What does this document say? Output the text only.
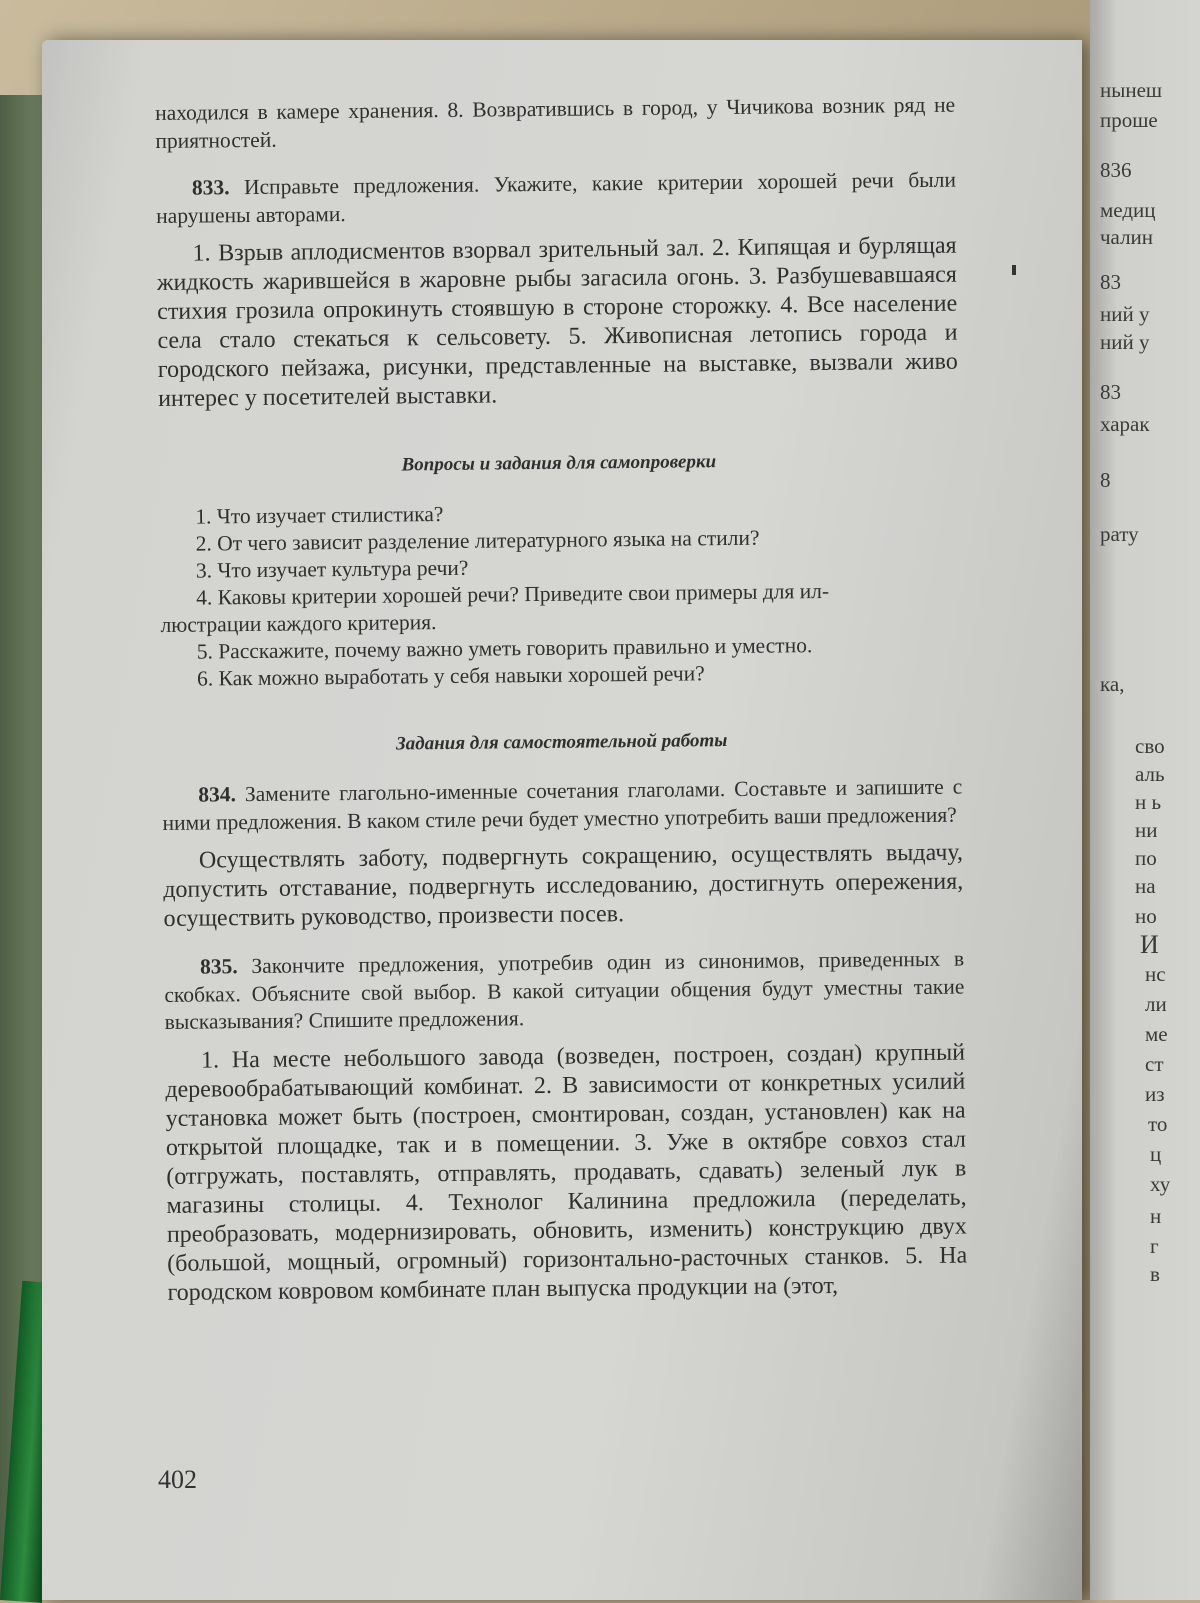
нынеш
проше
836
медиц
чалин
83
ний у
ний у
83
харак
8
рату
ка,
сво
аль
н ь
ни
по
на
но
И
нс
ли
ме
ст
из
то
ц
ху
н
г
в

находился в камере хранения. 8. Возвратившись в город, у Чичикова возник ряд не приятностей.

833. Исправьте предложения. Укажите, какие критерии хорошей речи были нарушены авторами.

1. Взрыв аплодисментов взорвал зрительный зал. 2. Кипящая и бурлящая жидкость жарившейся в жаровне рыбы загасила огонь. 3. Разбушевавшаяся стихия грозила опрокинуть стоявшую в стороне сторожку. 4. Все население села стало стекаться к сельсовету. 5. Живописная летопись города и городского пейзажа, рисунки, представленные на выставке, вызвали живо интерес у посетителей выставки.

Вопросы и задания для самопроверки

1. Что изучает стилистика?

2. От чего зависит разделение литературного языка на стили?

3. Что изучает культура речи?

4. Каковы критерии хорошей речи? Приведите свои примеры для ил-

люстрации каждого критерия.

5. Расскажите, почему важно уметь говорить правильно и уместно.

6. Как можно выработать у себя навыки хорошей речи?

Задания для самостоятельной работы

834. Замените глагольно-именные сочетания глаголами. Составьте и запишите с ними предложения. В каком стиле речи будет уместно употребить ваши предложения?

Осуществлять заботу, подвергнуть сокращению, осуществлять выдачу, допустить отставание, подвергнуть исследованию, достигнуть опережения, осуществить руководство, произвести посев.

835. Закончите предложения, употребив один из синонимов, приведенных в скобках. Объясните свой выбор. В какой ситуации общения будут уместны такие высказывания? Спишите предложения.

1. На месте небольшого завода (возведен, построен, создан) крупный деревообрабатывающий комбинат. 2. В зависимости от конкретных усилий установка может быть (построен, смонтирован, создан, установлен) как на открытой площадке, так и в помещении. 3. Уже в октябре совхоз стал (отгружать, поставлять, отправлять, продавать, сдавать) зеленый лук в магазины столицы. 4. Технолог Калинина предложила (переделать, преобразовать, модернизировать, обновить, изменить) конструкцию двух (большой, мощный, огромный) горизонтально-расточных станков. 5. На городском ковровом комбинате план выпуска продукции на (этот,

402
